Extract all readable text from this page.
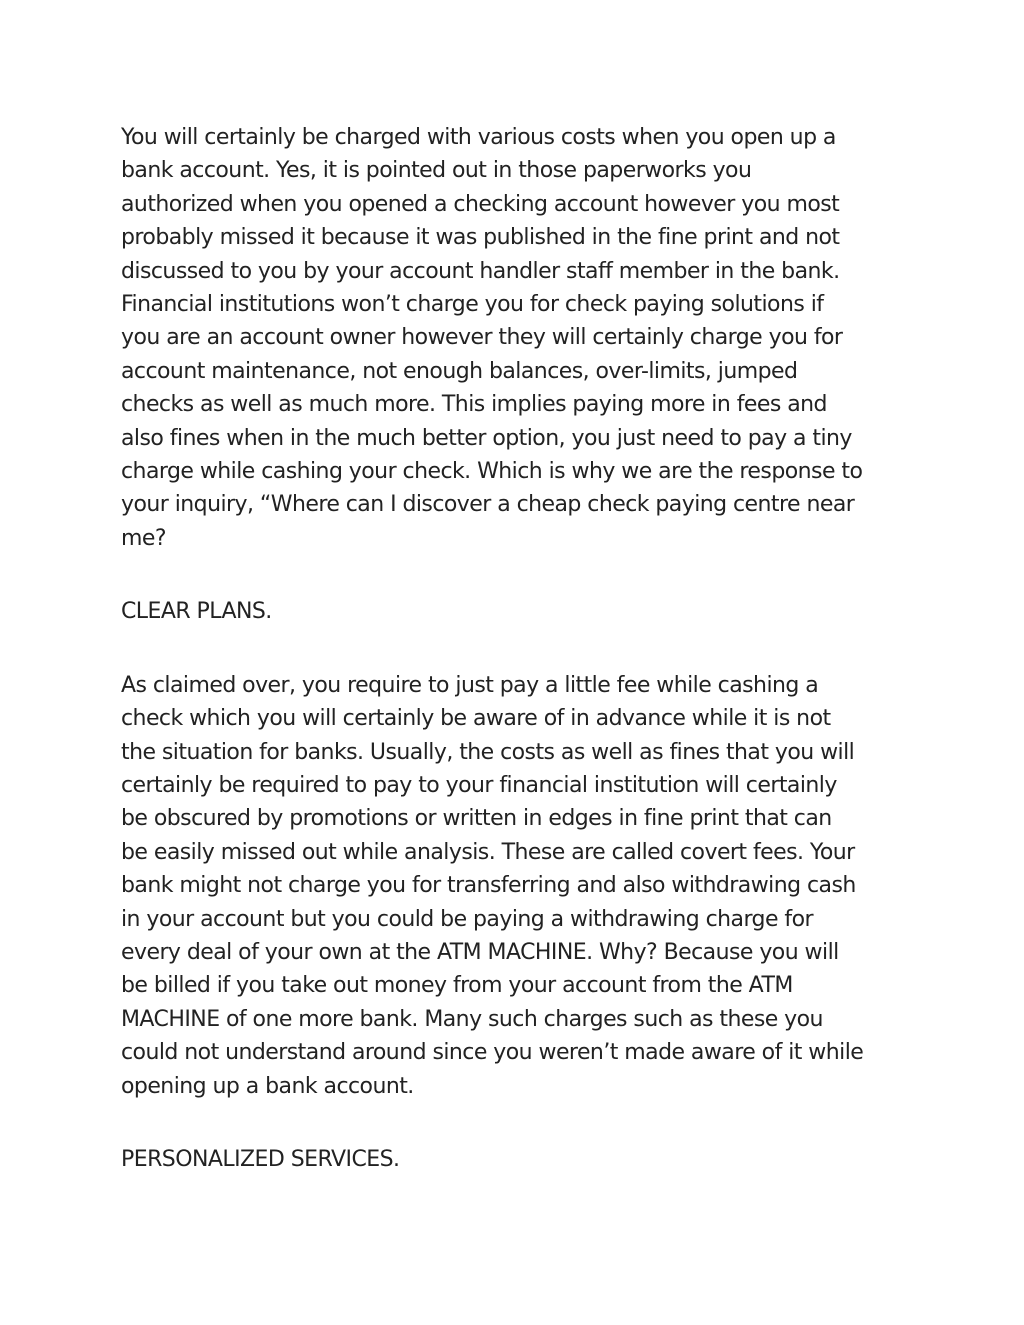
You will certainly be charged with various costs when you open up a
bank account. Yes, it is pointed out in those paperworks you
authorized when you opened a checking account however you most
probably missed it because it was published in the fine print and not
discussed to you by your account handler staff member in the bank.
Financial institutions won’t charge you for check paying solutions if
you are an account owner however they will certainly charge you for
account maintenance, not enough balances, over-limits, jumped
checks as well as much more. This implies paying more in fees and
also fines when in the much better option, you just need to pay a tiny
charge while cashing your check. Which is why we are the response to
your inquiry, “Where can I discover a cheap check paying centre near
me?
CLEAR PLANS.
As claimed over, you require to just pay a little fee while cashing a
check which you will certainly be aware of in advance while it is not
the situation for banks. Usually, the costs as well as fines that you will
certainly be required to pay to your financial institution will certainly
be obscured by promotions or written in edges in fine print that can
be easily missed out while analysis. These are called covert fees. Your
bank might not charge you for transferring and also withdrawing cash
in your account but you could be paying a withdrawing charge for
every deal of your own at the ATM MACHINE. Why? Because you will
be billed if you take out money from your account from the ATM
MACHINE of one more bank. Many such charges such as these you
could not understand around since you weren’t made aware of it while
opening up a bank account.
PERSONALIZED SERVICES.
